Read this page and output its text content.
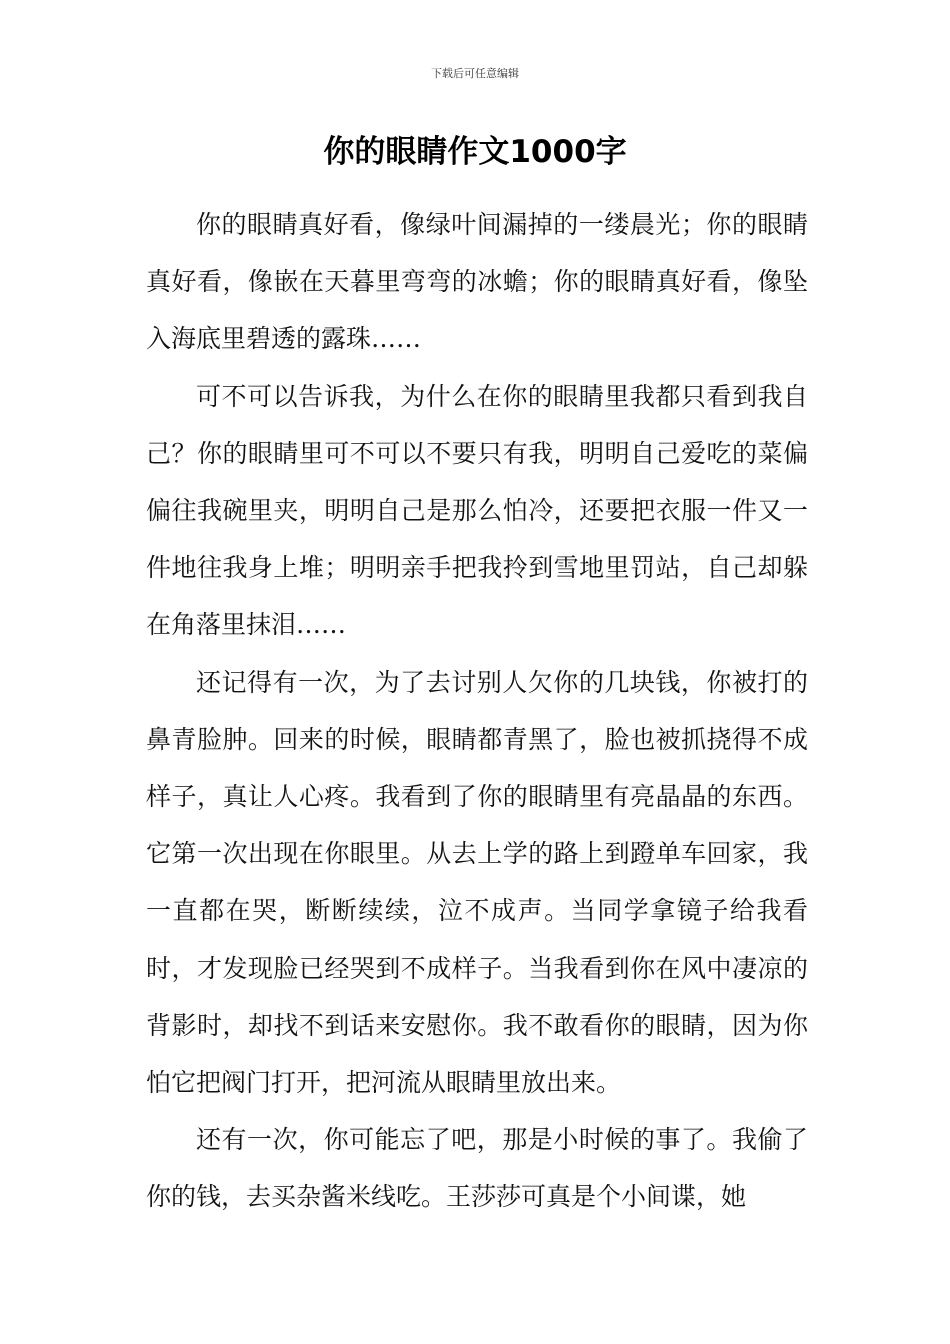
下载后可任意编辑
你的眼睛作文1000字

你的眼睛真好看，像绿叶间漏掉的一缕晨光；你的眼睛真好看，像嵌在天暮里弯弯的冰蟾；你的眼睛真好看，像坠入海底里碧透的露珠……

可不可以告诉我，为什么在你的眼睛里我都只看到我自己？你的眼睛里可不可以不要只有我，明明自己爱吃的菜偏偏往我碗里夹，明明自己是那么怕冷，还要把衣服一件又一件地往我身上堆；明明亲手把我拎到雪地里罚站，自己却躲在角落里抹泪……

还记得有一次，为了去讨别人欠你的几块钱，你被打的鼻青脸肿。回来的时候，眼睛都青黑了，脸也被抓挠得不成样子，真让人心疼。我看到了你的眼睛里有亮晶晶的东西。它第一次出现在你眼里。从去上学的路上到蹬单车回家，我一直都在哭，断断续续，泣不成声。当同学拿镜子给我看时，才发现脸已经哭到不成样子。当我看到你在风中凄凉的背影时，却找不到话来安慰你。我不敢看你的眼睛，因为你怕它把阀门打开，把河流从眼睛里放出来。

还有一次，你可能忘了吧，那是小时候的事了。我偷了你的钱，去买杂酱米线吃。王莎莎可真是个小间谍，她
